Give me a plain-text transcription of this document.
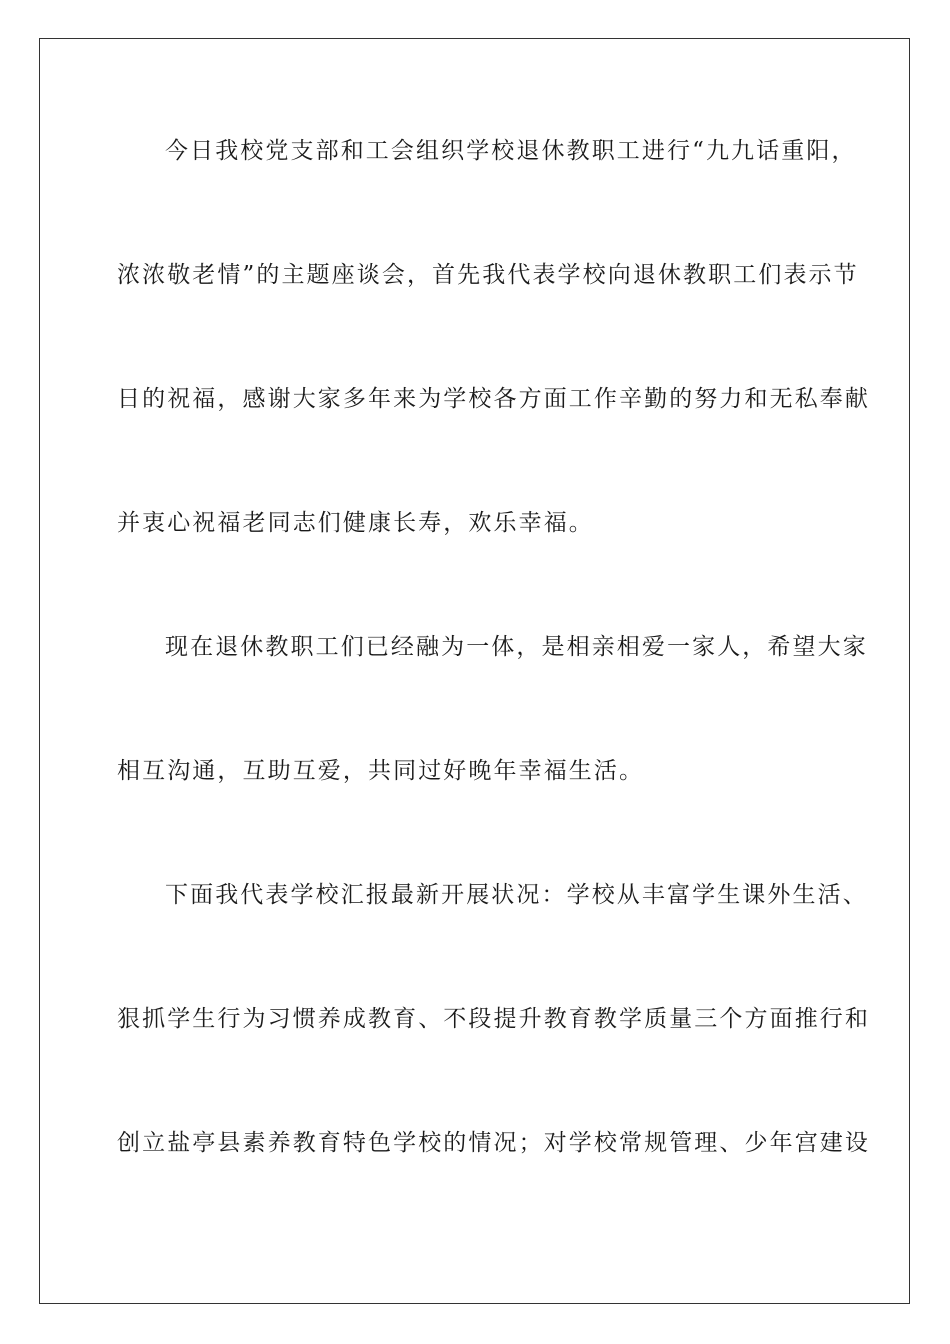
今日我校党支部和工会组织学校退休教职工进行“九九话重阳，
浓浓敬老情”的主题座谈会，首先我代表学校向退休教职工们表示节
日的祝福，感谢大家多年来为学校各方面工作辛勤的努力和无私奉献
并衷心祝福老同志们健康长寿，欢乐幸福。
现在退休教职工们已经融为一体，是相亲相爱一家人，希望大家
相互沟通，互助互爱，共同过好晚年幸福生活。
下面我代表学校汇报最新开展状况：学校从丰富学生课外生活、
狠抓学生行为习惯养成教育、不段提升教育教学质量三个方面推行和
创立盐亭县素养教育特色学校的情况；对学校常规管理、少年宫建设
